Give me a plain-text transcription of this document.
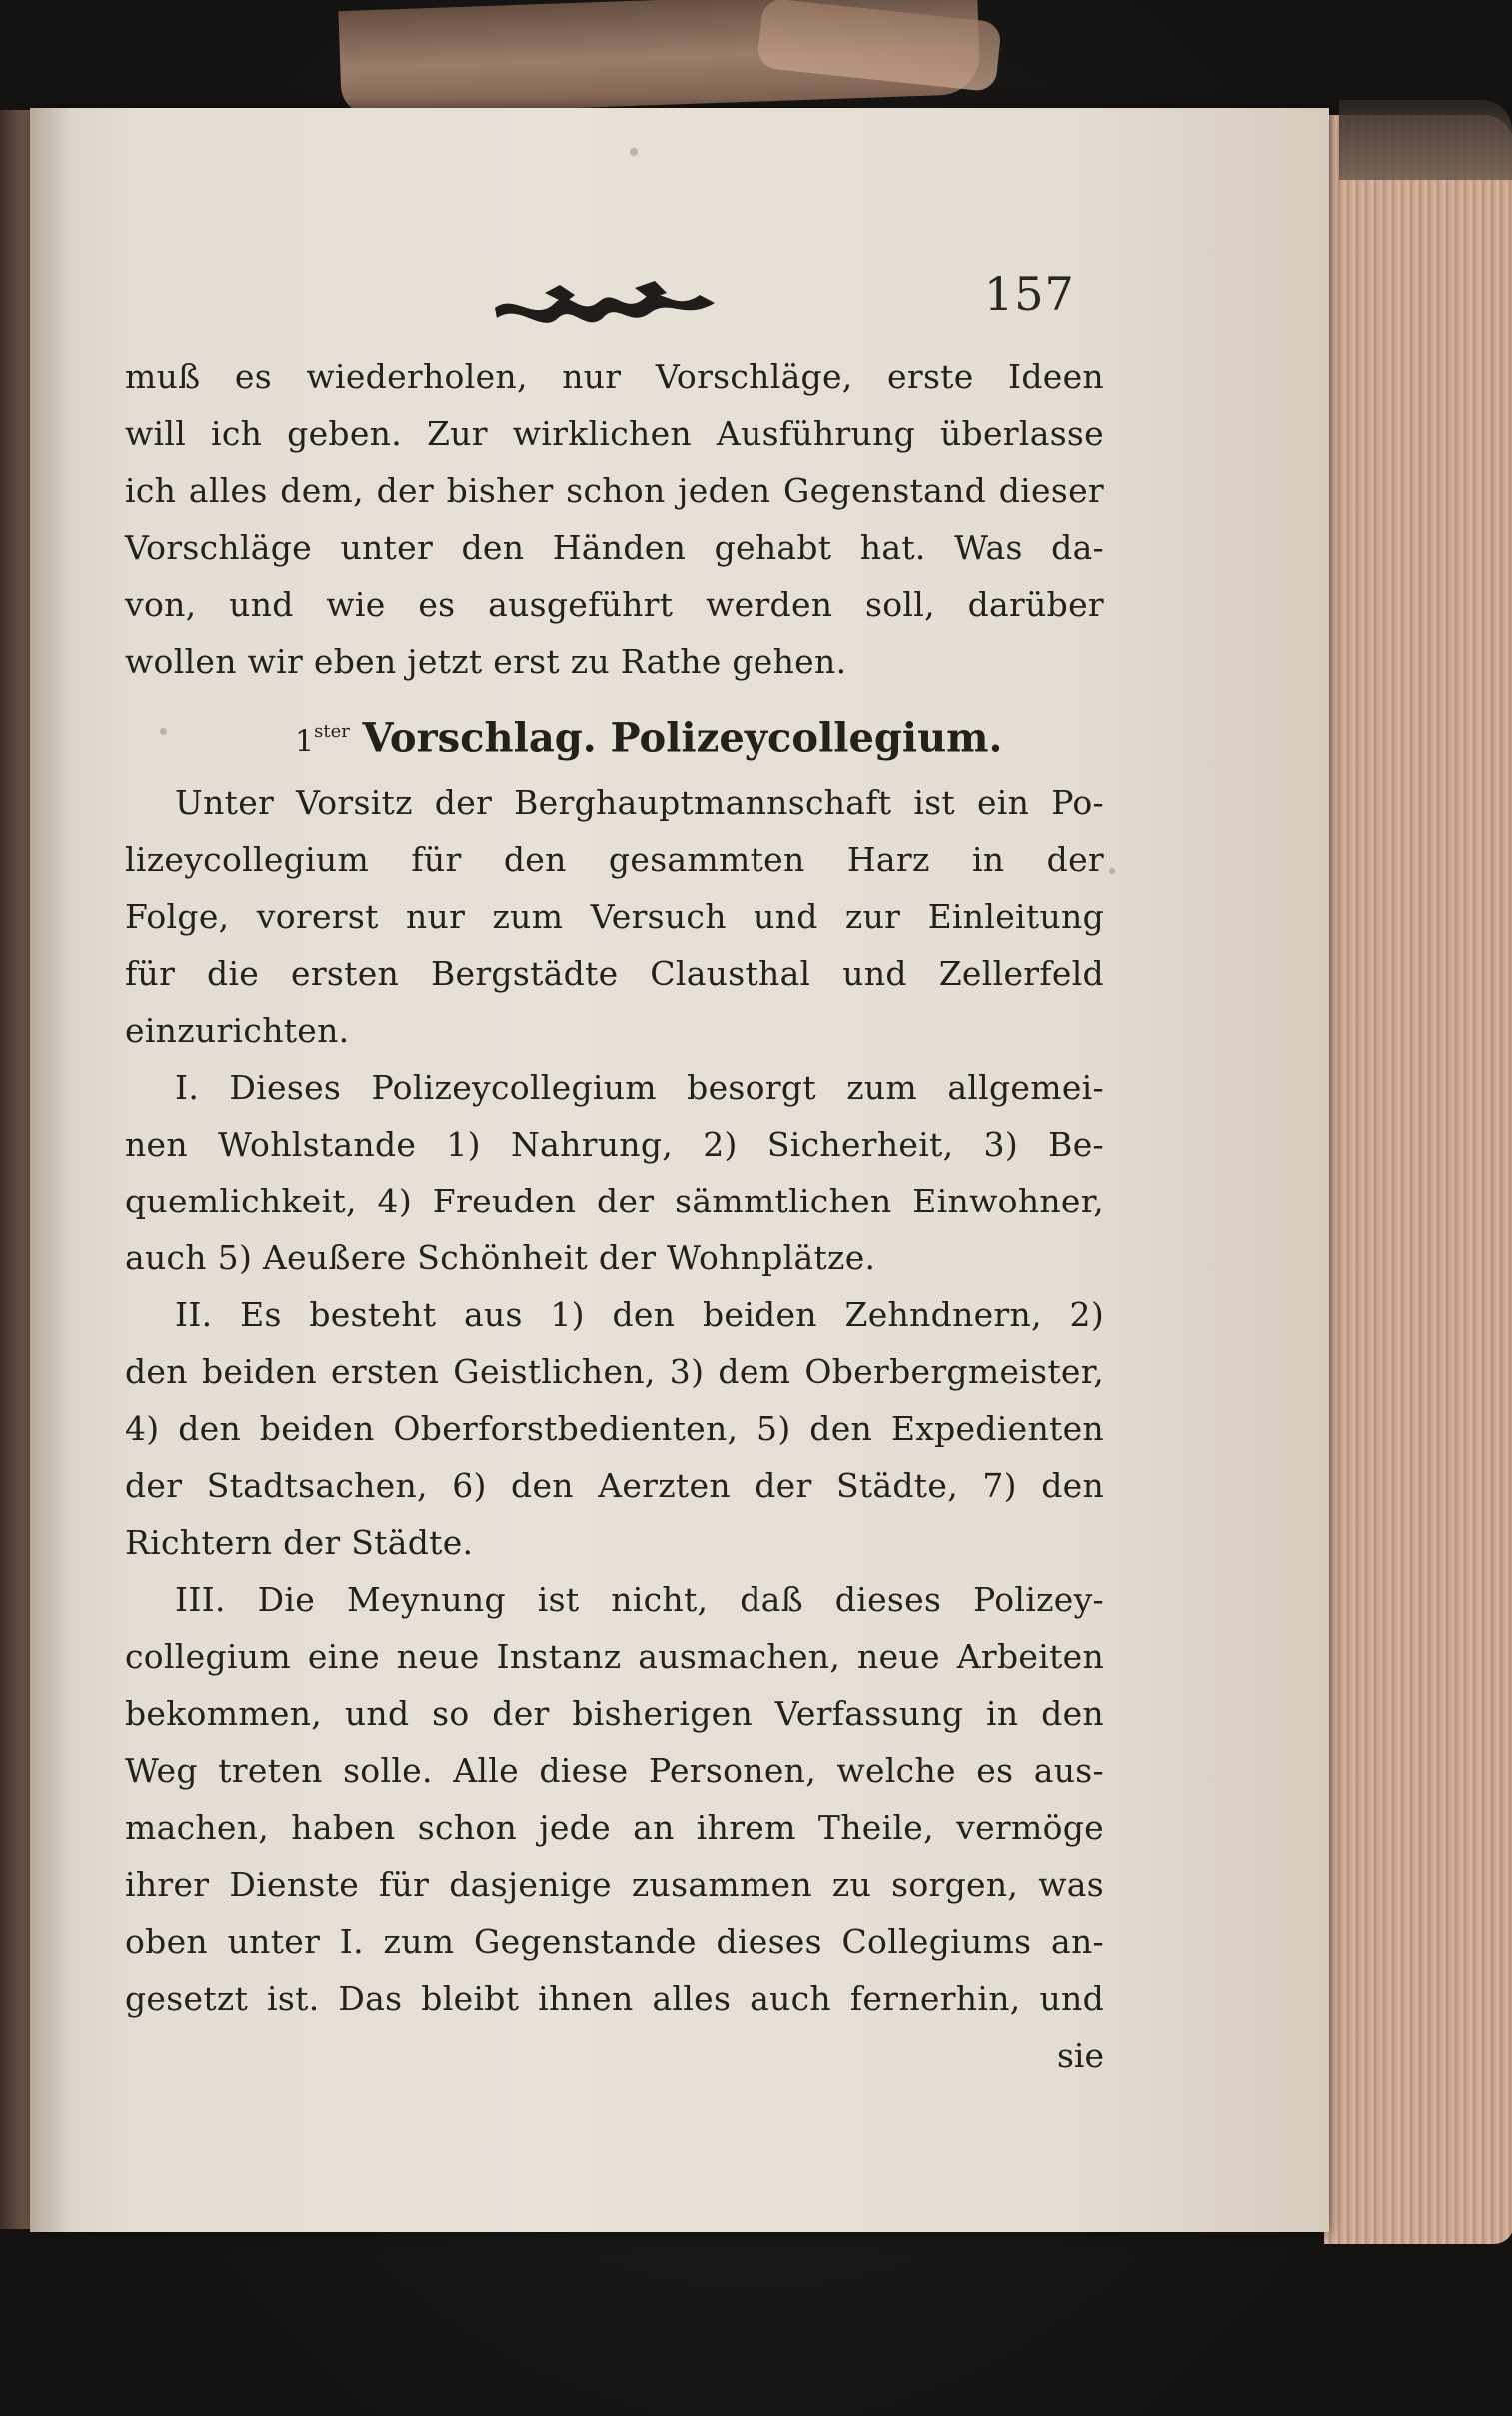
157
muß es wiederholen, nur Vorschläge, erste Ideen
will ich geben. Zur wirklichen Ausführung überlasse
ich alles dem, der bisher schon jeden Gegenstand dieser
Vorschläge unter den Händen gehabt hat. Was da-
von, und wie es ausgeführt werden soll, darüber
wollen wir eben jetzt erst zu Rathe gehen.
$1^{ster}$ Vorschlag. Polizeycollegium.
Unter Vorsitz der Berghauptmannschaft ist ein Po-
lizeycollegium für den gesammten Harz in der
Folge, vorerst nur zum Versuch und zur Einleitung
für die ersten Bergstädte Clausthal und Zellerfeld
einzurichten.
I. Dieses Polizeycollegium besorgt zum allgemei-
nen Wohlstande 1) Nahrung, 2) Sicherheit, 3) Be-
quemlichkeit, 4) Freuden der sämmtlichen Einwohner,
auch 5) Aeußere Schönheit der Wohnplätze.
II. Es besteht aus 1) den beiden Zehndnern, 2)
den beiden ersten Geistlichen, 3) dem Oberbergmeister,
4) den beiden Oberforstbedienten, 5) den Expedienten
der Stadtsachen, 6) den Aerzten der Städte, 7) den
Richtern der Städte.
III. Die Meynung ist nicht, daß dieses Polizey-
collegium eine neue Instanz ausmachen, neue Arbeiten
bekommen, und so der bisherigen Verfassung in den
Weg treten solle. Alle diese Personen, welche es aus-
machen, haben schon jede an ihrem Theile, vermöge
ihrer Dienste für dasjenige zusammen zu sorgen, was
oben unter I. zum Gegenstande dieses Collegiums an-
gesetzt ist. Das bleibt ihnen alles auch fernerhin, und
sie
